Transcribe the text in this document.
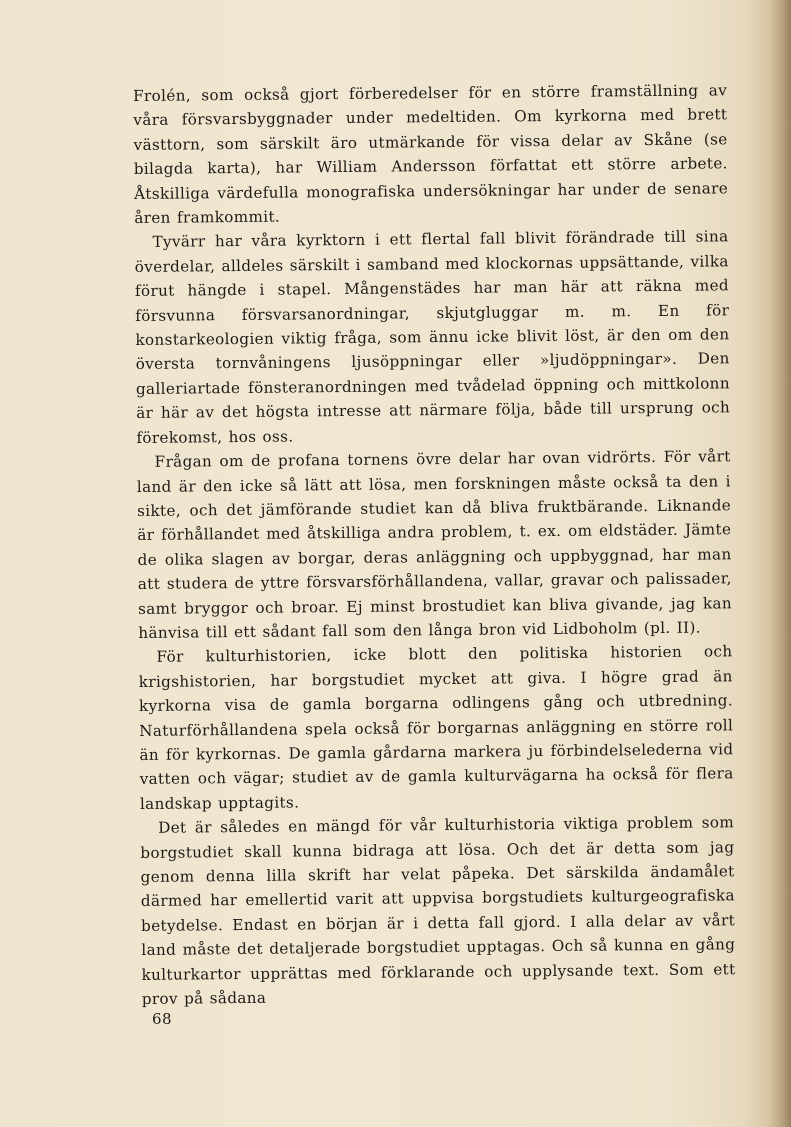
Frolén, som också gjort förberedelser för en större framställning av våra försvarsbyggnader under medeltiden. Om kyrkorna med brett västtorn, som särskilt äro utmärkande för vissa delar av Skåne (se bilagda karta), har William Andersson författat ett större arbete. Åtskilliga värdefulla monografiska undersökningar har under de senare åren framkommit.

Tyvärr har våra kyrktorn i ett flertal fall blivit förändrade till sina överdelar, alldeles särskilt i samband med klockornas uppsättande, vilka förut hängde i stapel. Mångenstädes har man här att räkna med försvunna försvarsanordningar, skjutgluggar m. m. En för konstarkeologien viktig fråga, som ännu icke blivit löst, är den om den översta tornvåningens ljusöppningar eller »ljudöppningar». Den galleriartade fönsteranordningen med tvådelad öppning och mittkolonn är här av det högsta intresse att närmare följa, både till ursprung och förekomst, hos oss.

Frågan om de profana tornens övre delar har ovan vidrörts. För vårt land är den icke så lätt att lösa, men forskningen måste också ta den i sikte, och det jämförande studiet kan då bliva fruktbärande. Liknande är förhållandet med åtskilliga andra problem, t. ex. om eldstäder. Jämte de olika slagen av borgar, deras anläggning och uppbyggnad, har man att studera de yttre försvarsförhållandena, vallar, gravar och palissader, samt bryggor och broar. Ej minst brostudiet kan bliva givande, jag kan hänvisa till ett sådant fall som den långa bron vid Lidboholm (pl. II).

För kulturhistorien, icke blott den politiska historien och krigshistorien, har borgstudiet mycket att giva. I högre grad än kyrkorna visa de gamla borgarna odlingens gång och utbredning. Naturförhållandena spela också för borgarnas anläggning en större roll än för kyrkornas. De gamla gårdarna markera ju förbindelselederna vid vatten och vägar; studiet av de gamla kulturvägarna ha också för flera landskap upptagits.

Det är således en mängd för vår kulturhistoria viktiga problem som borgstudiet skall kunna bidraga att lösa. Och det är detta som jag genom denna lilla skrift har velat påpeka. Det särskilda ändamålet därmed har emellertid varit att uppvisa borgstudiets kulturgeografiska betydelse. Endast en början är i detta fall gjord. I alla delar av vårt land måste det detaljerade borgstudiet upptagas. Och så kunna en gång kulturkartor upprättas med förklarande och upplysande text. Som ett prov på sådana

68
